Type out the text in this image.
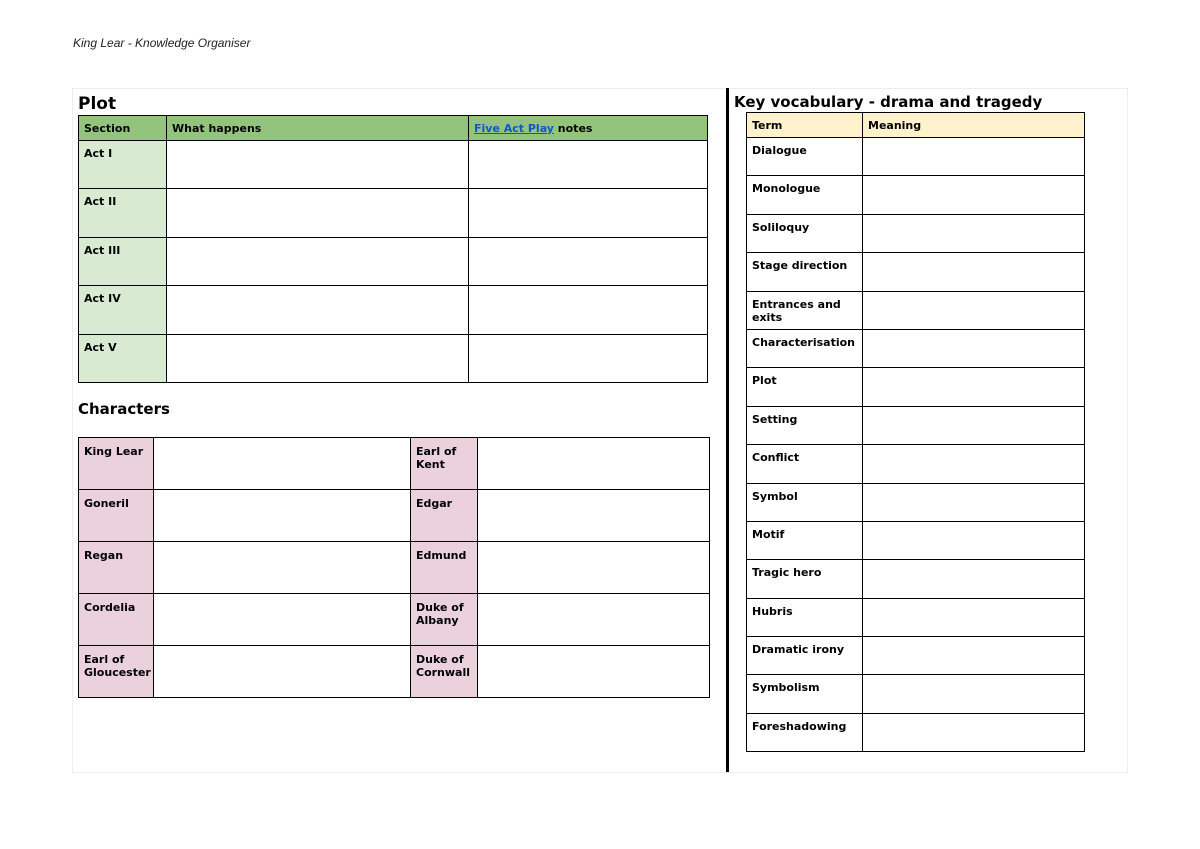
King Lear - Knowledge Organiser
Plot
Section	What happens	Five Act Play notes
Act I		
Act II		
Act III		
Act IV		
Act V		
Characters
King Lear		Earl of Kent	
Goneril		Edgar	
Regan		Edmund	
Cordelia		Duke of Albany	
Earl of Gloucester		Duke of Cornwall	
Key vocabulary - drama and tragedy
Term	Meaning
Dialogue	
Monologue	
Soliloquy	
Stage direction	
Entrances and exits	
Characterisation	
Plot	
Setting	
Conflict	
Symbol	
Motif	
Tragic hero	
Hubris	
Dramatic irony	
Symbolism	
Foreshadowing	
